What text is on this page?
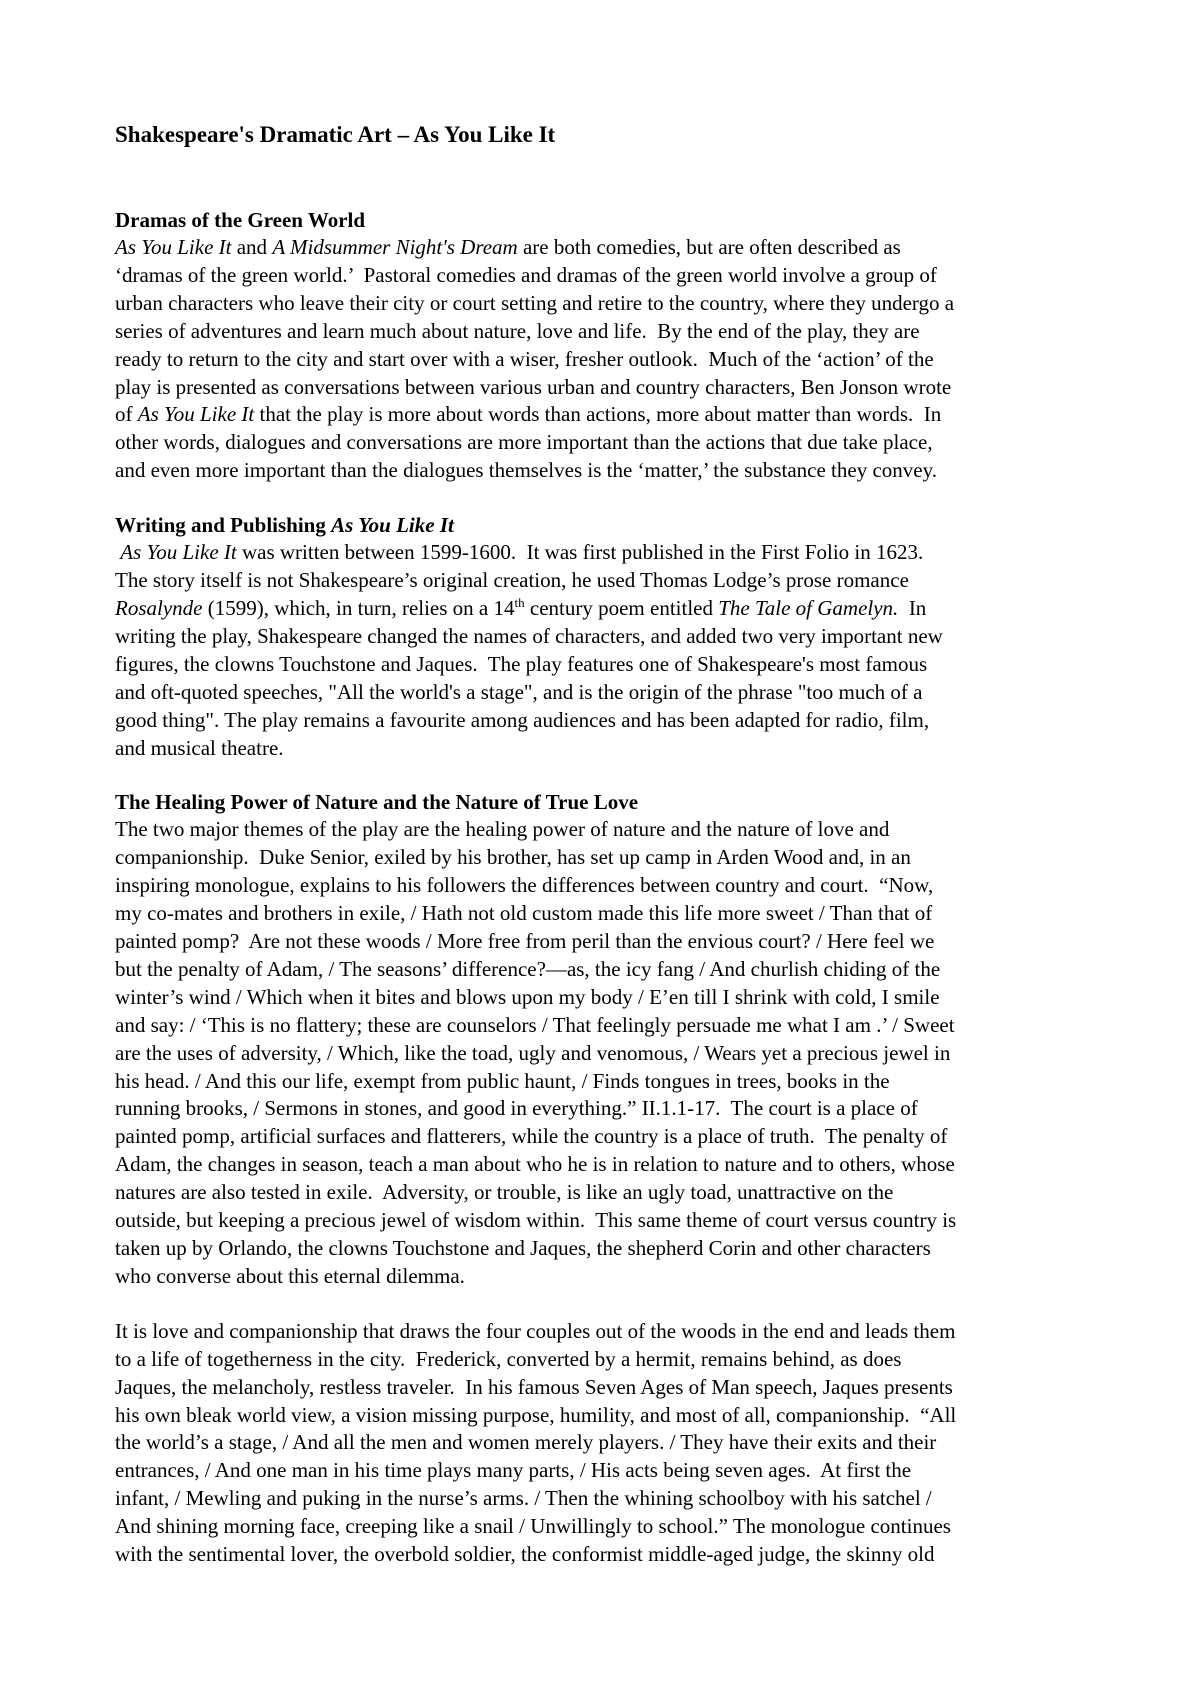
Shakespeare's Dramatic Art – As You Like It
Dramas of the Green World
As You Like It and A Midsummer Night's Dream are both comedies, but are often described as
‘dramas of the green world.’  Pastoral comedies and dramas of the green world involve a group of
urban characters who leave their city or court setting and retire to the country, where they undergo a
series of adventures and learn much about nature, love and life.  By the end of the play, they are
ready to return to the city and start over with a wiser, fresher outlook.  Much of the ‘action’ of the
play is presented as conversations between various urban and country characters, Ben Jonson wrote
of As You Like It that the play is more about words than actions, more about matter than words.  In
other words, dialogues and conversations are more important than the actions that due take place,
and even more important than the dialogues themselves is the ‘matter,’ the substance they convey.
Writing and Publishing As You Like It
As You Like It was written between 1599-1600.  It was first published in the First Folio in 1623.
The story itself is not Shakespeare’s original creation, he used Thomas Lodge’s prose romance
Rosalynde (1599), which, in turn, relies on a 14th century poem entitled The Tale of Gamelyn.  In
writing the play, Shakespeare changed the names of characters, and added two very important new
figures, the clowns Touchstone and Jaques.  The play features one of Shakespeare's most famous
and oft-quoted speeches, "All the world's a stage", and is the origin of the phrase "too much of a
good thing". The play remains a favourite among audiences and has been adapted for radio, film,
and musical theatre.
The Healing Power of Nature and the Nature of True Love
The two major themes of the play are the healing power of nature and the nature of love and
companionship.  Duke Senior, exiled by his brother, has set up camp in Arden Wood and, in an
inspiring monologue, explains to his followers the differences between country and court.  “Now,
my co-mates and brothers in exile, / Hath not old custom made this life more sweet / Than that of
painted pomp?  Are not these woods / More free from peril than the envious court? / Here feel we
but the penalty of Adam, / The seasons’ difference?—as, the icy fang / And churlish chiding of the
winter’s wind / Which when it bites and blows upon my body / E’en till I shrink with cold, I smile
and say: / ‘This is no flattery; these are counselors / That feelingly persuade me what I am .’ / Sweet
are the uses of adversity, / Which, like the toad, ugly and venomous, / Wears yet a precious jewel in
his head. / And this our life, exempt from public haunt, / Finds tongues in trees, books in the
running brooks, / Sermons in stones, and good in everything.” II.1.1-17.  The court is a place of
painted pomp, artificial surfaces and flatterers, while the country is a place of truth.  The penalty of
Adam, the changes in season, teach a man about who he is in relation to nature and to others, whose
natures are also tested in exile.  Adversity, or trouble, is like an ugly toad, unattractive on the
outside, but keeping a precious jewel of wisdom within.  This same theme of court versus country is
taken up by Orlando, the clowns Touchstone and Jaques, the shepherd Corin and other characters
who converse about this eternal dilemma.
It is love and companionship that draws the four couples out of the woods in the end and leads them
to a life of togetherness in the city.  Frederick, converted by a hermit, remains behind, as does
Jaques, the melancholy, restless traveler.  In his famous Seven Ages of Man speech, Jaques presents
his own bleak world view, a vision missing purpose, humility, and most of all, companionship.  “All
the world’s a stage, / And all the men and women merely players. / They have their exits and their
entrances, / And one man in his time plays many parts, / His acts being seven ages.  At first the
infant, / Mewling and puking in the nurse’s arms. / Then the whining schoolboy with his satchel /
And shining morning face, creeping like a snail / Unwillingly to school.” The monologue continues
with the sentimental lover, the overbold soldier, the conformist middle-aged judge, the skinny old
